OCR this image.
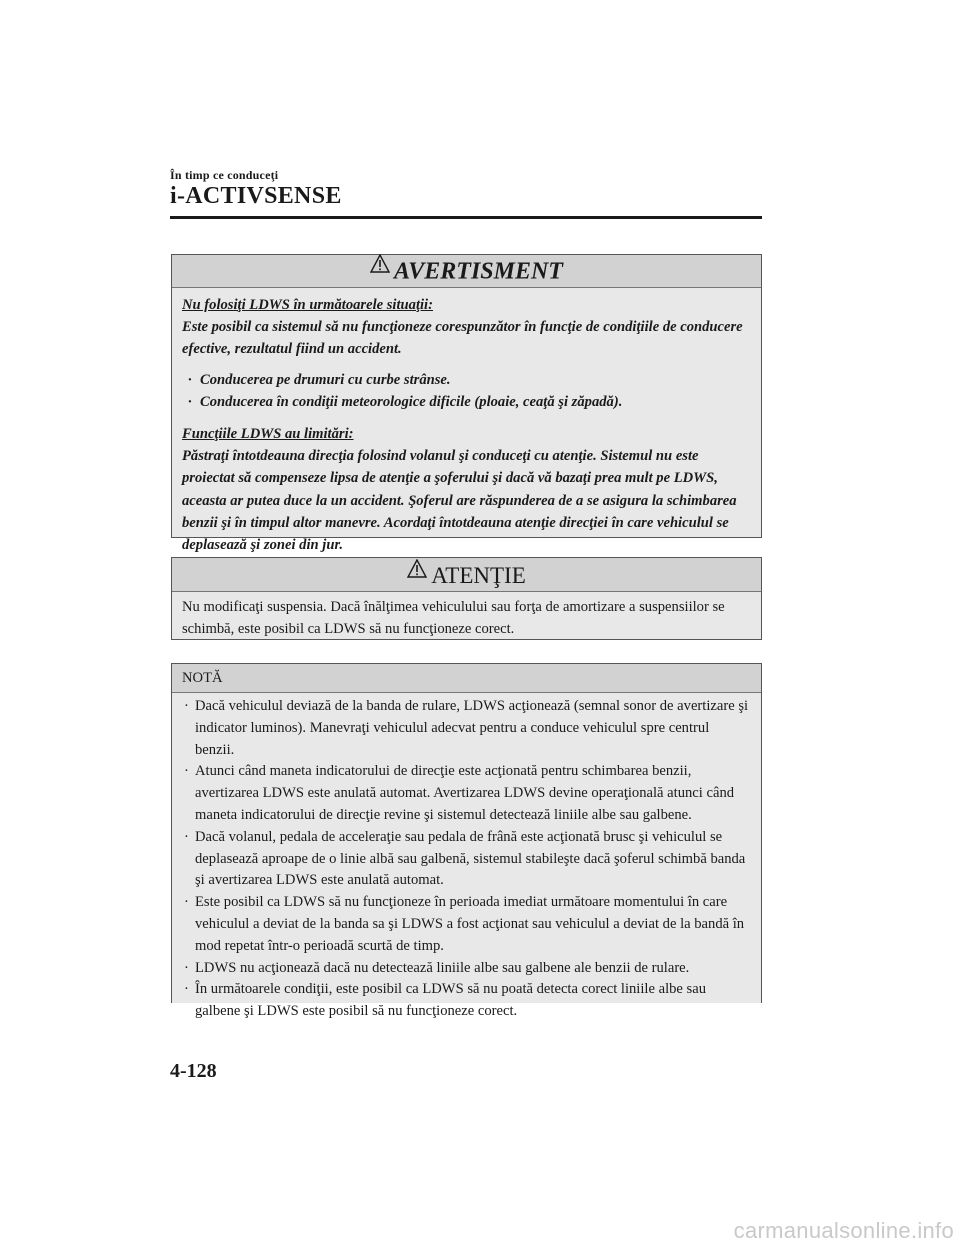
În timp ce conduceţi
i-ACTIVSENSE
AVERTISMENT
Nu folosiţi LDWS în următoarele situaţii:
Este posibil ca sistemul să nu funcţioneze corespunzător în funcţie de condiţiile de conducere efective, rezultatul fiind un accident.
· Conducerea pe drumuri cu curbe strânse.
· Conducerea în condiţii meteorologice dificile (ploaie, ceaţă şi zăpadă).
Funcţiile LDWS au limitări:
Păstraţi întotdeauna direcţia folosind volanul şi conduceţi cu atenţie. Sistemul nu este proiectat să compenseze lipsa de atenţie a şoferului şi dacă vă bazaţi prea mult pe LDWS, aceasta ar putea duce la un accident. Şoferul are răspunderea de a se asigura la schimbarea benzii şi în timpul altor manevre. Acordaţi întotdeauna atenţie direcţiei în care vehiculul se deplasează şi zonei din jur.
ATENŢIE
Nu modificaţi suspensia. Dacă înălţimea vehiculului sau forţa de amortizare a suspensiilor se schimbă, este posibil ca LDWS să nu funcţioneze corect.
NOTĂ
· Dacă vehiculul deviază de la banda de rulare, LDWS acţionează (semnal sonor de avertizare şi indicator luminos). Manevraţi vehiculul adecvat pentru a conduce vehiculul spre centrul benzii.
· Atunci când maneta indicatorului de direcţie este acţionată pentru schimbarea benzii, avertizarea LDWS este anulată automat. Avertizarea LDWS devine operaţională atunci când maneta indicatorului de direcţie revine şi sistemul detectează liniile albe sau galbene.
· Dacă volanul, pedala de acceleraţie sau pedala de frână este acţionată brusc şi vehiculul se deplasează aproape de o linie albă sau galbenă, sistemul stabileşte dacă şoferul schimbă banda şi avertizarea LDWS este anulată automat.
· Este posibil ca LDWS să nu funcţioneze în perioada imediat următoare momentului în care vehiculul a deviat de la banda sa şi LDWS a fost acţionat sau vehiculul a deviat de la bandă în mod repetat într-o perioadă scurtă de timp.
· LDWS nu acţionează dacă nu detectează liniile albe sau galbene ale benzii de rulare.
· În următoarele condiţii, este posibil ca LDWS să nu poată detecta corect liniile albe sau galbene şi LDWS este posibil să nu funcţioneze corect.
4-128
carmanualsonline.info
